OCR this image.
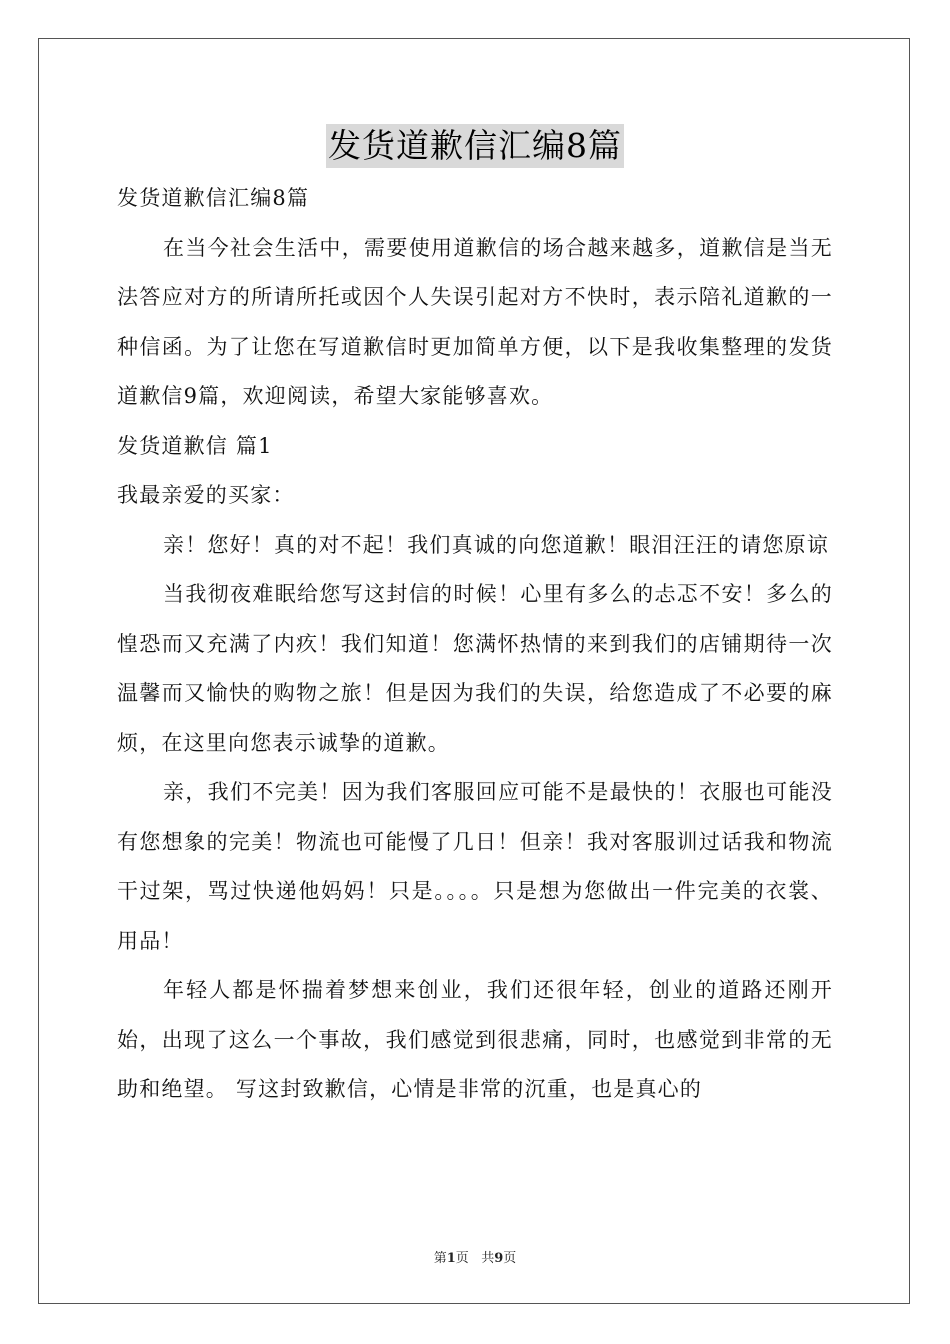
发货道歉信汇编8篇

发货道歉信汇编8篇

在当今社会生活中，需要使用道歉信的场合越来越多，道歉信是当无法答应对方的所请所托或因个人失误引起对方不快时，表示陪礼道歉的一种信函。为了让您在写道歉信时更加简单方便，以下是我收集整理的发货道歉信9篇，欢迎阅读，希望大家能够喜欢。

发货道歉信 篇1

我最亲爱的买家：

亲！您好！真的对不起！我们真诚的向您道歉！眼泪汪汪的请您原谅

当我彻夜难眠给您写这封信的时候！心里有多么的忐忑不安！多么的惶恐而又充满了内疚！我们知道！您满怀热情的来到我们的店铺期待一次温馨而又愉快的购物之旅！但是因为我们的失误，给您造成了不必要的麻烦，在这里向您表示诚挚的道歉。

亲，我们不完美！因为我们客服回应可能不是最快的！衣服也可能没有您想象的完美！物流也可能慢了几日！但亲！我对客服训过话我和物流干过架，骂过快递他妈妈！只是。。。。只是想为您做出一件完美的衣裳、用品！

年轻人都是怀揣着梦想来创业，我们还很年轻，创业的道路还刚开始，出现了这么一个事故，我们感觉到很悲痛，同时，也感觉到非常的无助和绝望。 写这封致歉信，心情是非常的沉重，也是真心的

第1页   共9页
